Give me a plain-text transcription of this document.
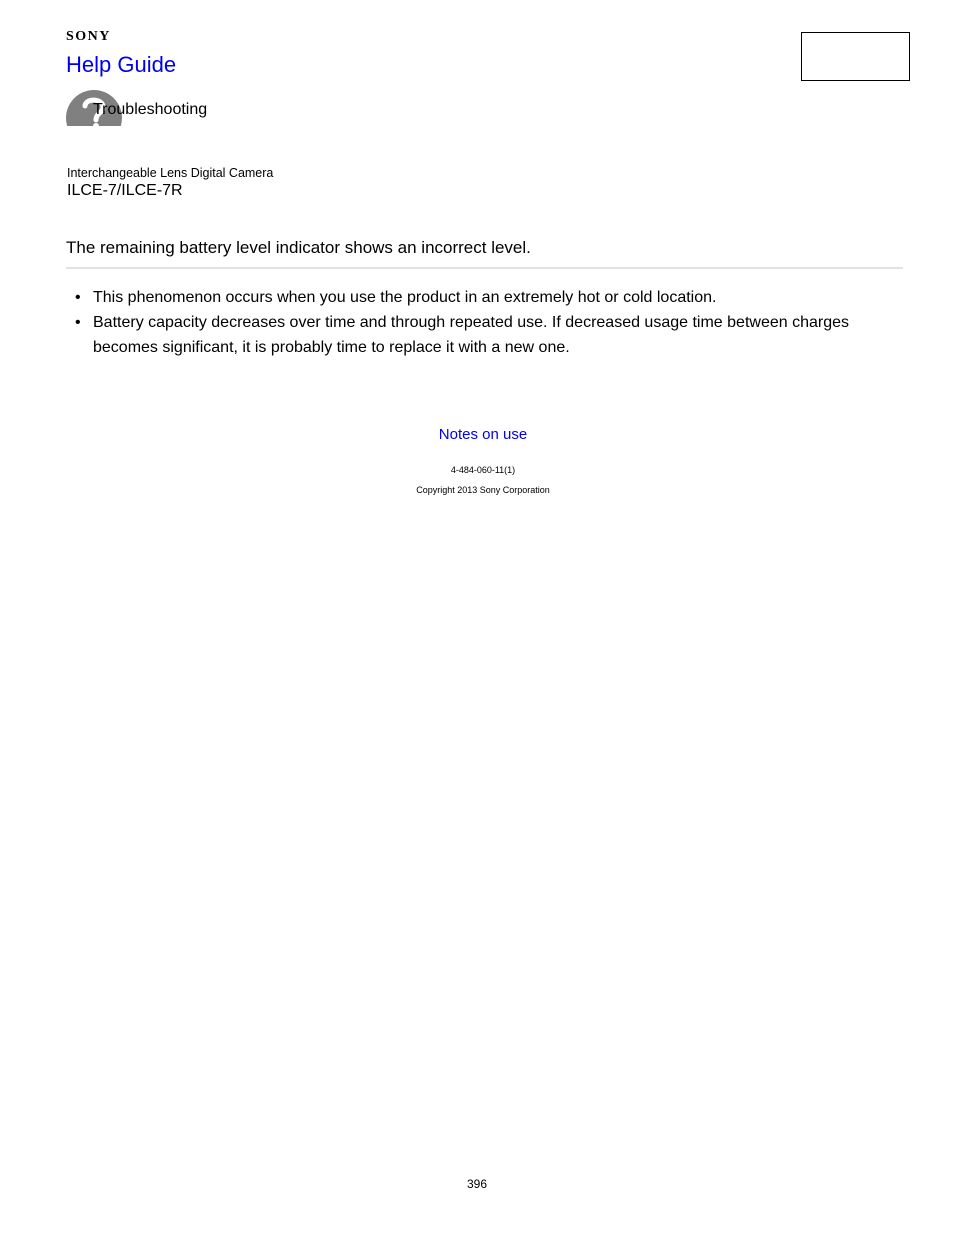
SONY
Help Guide
Troubleshooting
Interchangeable Lens Digital Camera
ILCE-7/ILCE-7R
The remaining battery level indicator shows an incorrect level.
• This phenomenon occurs when you use the product in an extremely hot or cold location.
• Battery capacity decreases over time and through repeated use. If decreased usage time between charges becomes significant, it is probably time to replace it with a new one.
Notes on use
4-484-060-11(1)
Copyright 2013 Sony Corporation
396
